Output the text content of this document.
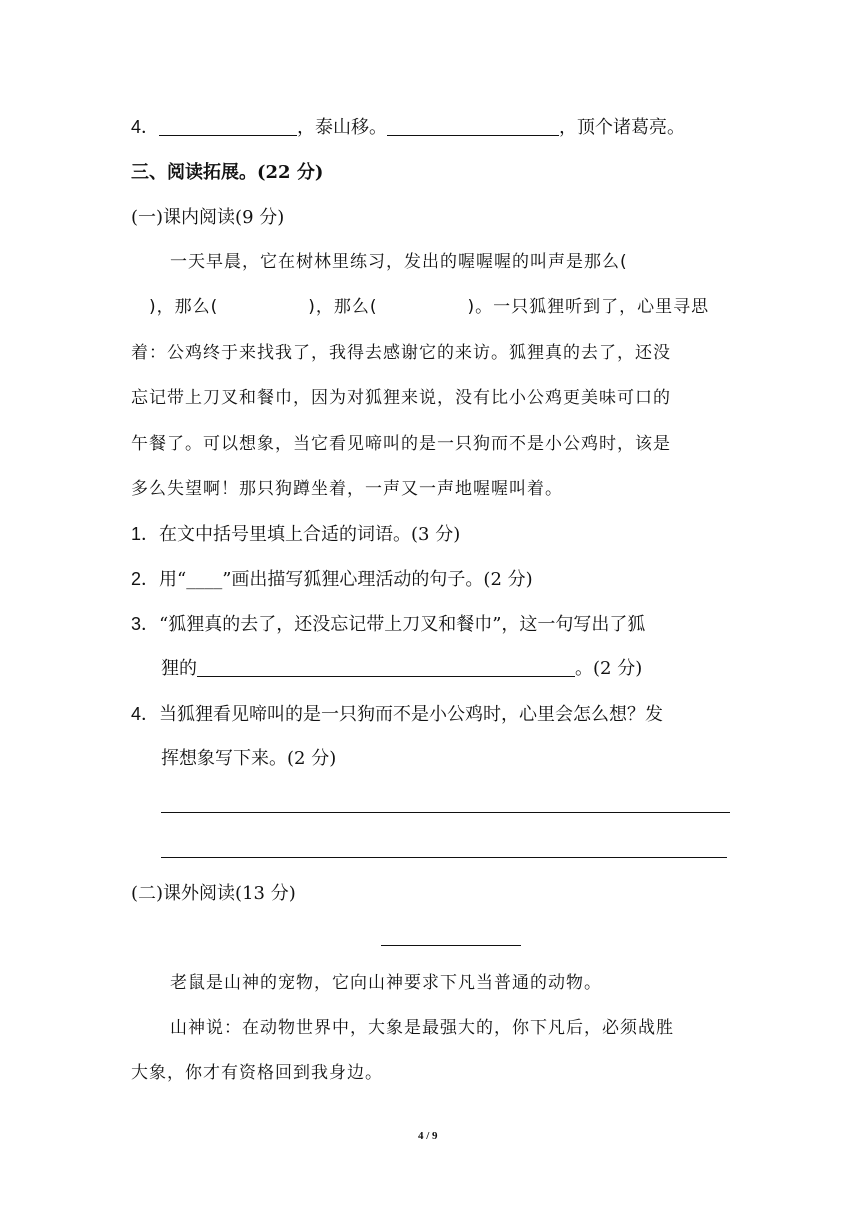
4．	，泰山移。	，顶个诸葛亮。
三、阅读拓展。(22 分)
(一)课内阅读(9 分)
一天早晨，它在树林里练习，发出的喔喔喔的叫声是那么(
　)，那么(　　　　　)，那么(　　　　　)。一只狐狸听到了，心里寻思
着：公鸡终于来找我了，我得去感谢它的来访。狐狸真的去了，还没
忘记带上刀叉和餐巾，因为对狐狸来说，没有比小公鸡更美味可口的
午餐了。可以想象，当它看见啼叫的是一只狗而不是小公鸡时，该是
多么失望啊！那只狗蹲坐着，一声又一声地喔喔叫着。
1．在文中括号里填上合适的词语。(3 分)
2．用“____”画出描写狐狸心理活动的句子。(2 分)
3．“狐狸真的去了，还没忘记带上刀叉和餐巾”，这一句写出了狐
狸的	。(2 分)
4．当狐狸看见啼叫的是一只狗而不是小公鸡时，心里会怎么想？发
挥想象写下来。(2 分)
(二)课外阅读(13 分)
老鼠是山神的宠物，它向山神要求下凡当普通的动物。
山神说：在动物世界中，大象是最强大的，你下凡后，必须战胜
大象，你才有资格回到我身边。
4 / 9
